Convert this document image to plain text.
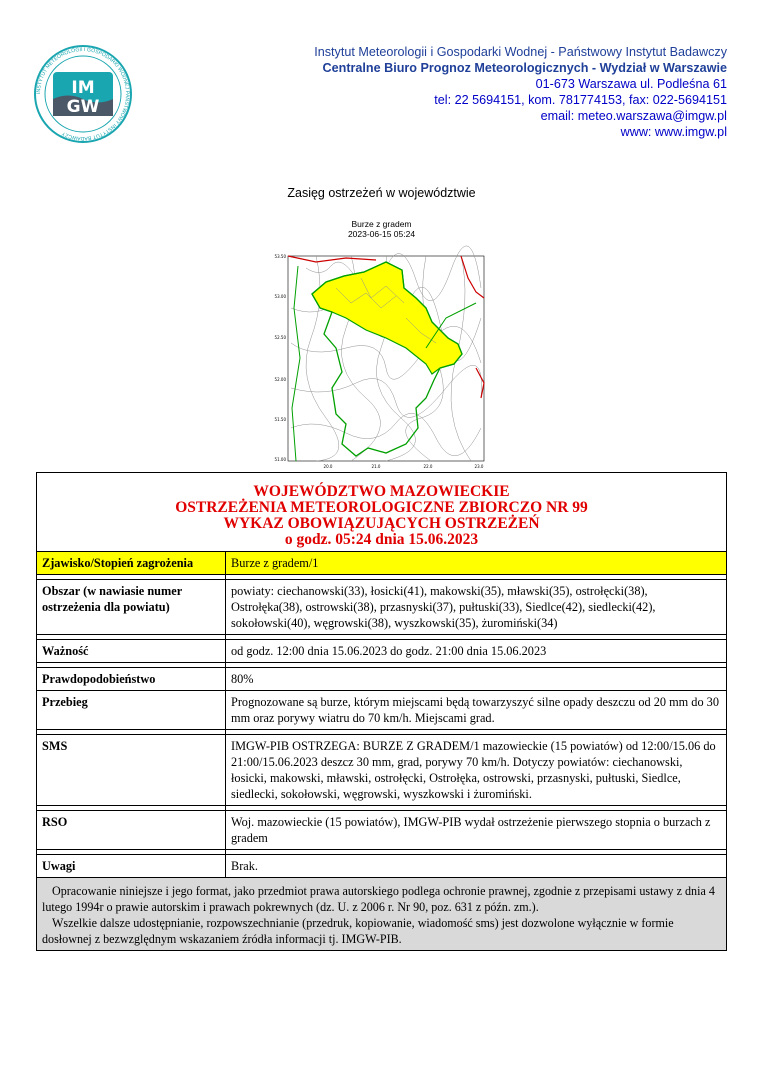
INSTYTUT METEOROLOGII I GOSPODARKI WODNEJ PAŃSTWOWY INSTYTUT BADAWCZY
IM
GW
Instytut Meteorologii i Gospodarki Wodnej - Państwowy Instytut Badawczy
Centralne Biuro Prognoz Meteorologicznych - Wydział w Warszawie
01-673 Warszawa ul. Podleśna 61
tel: 22 5694151, kom. 781774153, fax: 022-5694151
email: meteo.warszawa@imgw.pl
www: www.imgw.pl
Zasięg ostrzeżeń w województwie
Burze z gradem
2023-06-15 05:24
53.50
53.00
52.50
52.00
51.50
51.00
20.0	21.0	22.0	23.0
WOJEWÓDZTWO MAZOWIECKIE
OSTRZEŻENIA METEOROLOGICZNE ZBIORCZO NR 99
WYKAZ OBOWIĄZUJĄCYCH OSTRZEŻEŃ
o godz. 05:24 dnia 15.06.2023	

Zjawisko/Stopień zagrożenia	Burze z gradem/1

Obszar (w nawiasie numer ostrzeżenia dla powiatu)	powiaty: ciechanowski(33), łosicki(41), makowski(35), mławski(35), ostrołęcki(38), Ostrołęka(38), ostrowski(38), przasnyski(37), pułtuski(33), Siedlce(42), siedlecki(42), sokołowski(40), węgrowski(38), wyszkowski(35), żuromiński(34)

Ważność	od godz. 12:00 dnia 15.06.2023 do godz. 21:00 dnia 15.06.2023

Prawdopodobieństwo	80%
Przebieg	Prognozowane są burze, którym miejscami będą towarzyszyć silne opady deszczu od 20 mm do 30 mm oraz porywy wiatru do 70 km/h. Miejscami grad.

SMS	IMGW-PIB OSTRZEGA: BURZE Z GRADEM/1 mazowieckie (15 powiatów) od 12:00/15.06 do 21:00/15.06.2023 deszcz 30 mm, grad, porywy 70 km/h. Dotyczy powiatów: ciechanowski, łosicki, makowski, mławski, ostrołęcki, Ostrołęka, ostrowski, przasnyski, pułtuski, Siedlce, siedlecki, sokołowski, węgrowski, wyszkowski i żuromiński.

RSO	Woj. mazowieckie (15 powiatów), IMGW-PIB wydał ostrzeżenie pierwszego stopnia o burzach z gradem

Uwagi	Brak.

Opracowanie niniejsze i jego format, jako przedmiot prawa autorskiego podlega ochronie prawnej, zgodnie z przepisami ustawy z dnia 4 lutego 1994r o prawie autorskim i prawach pokrewnych (dz. U. z 2006 r. Nr 90, poz. 631 z późn. zm.).
Wszelkie dalsze udostępnianie, rozpowszechnianie (przedruk, kopiowanie, wiadomość sms) jest dozwolone wyłącznie w formie dosłownej z bezwzględnym wskazaniem źródła informacji tj. IMGW-PIB.	
